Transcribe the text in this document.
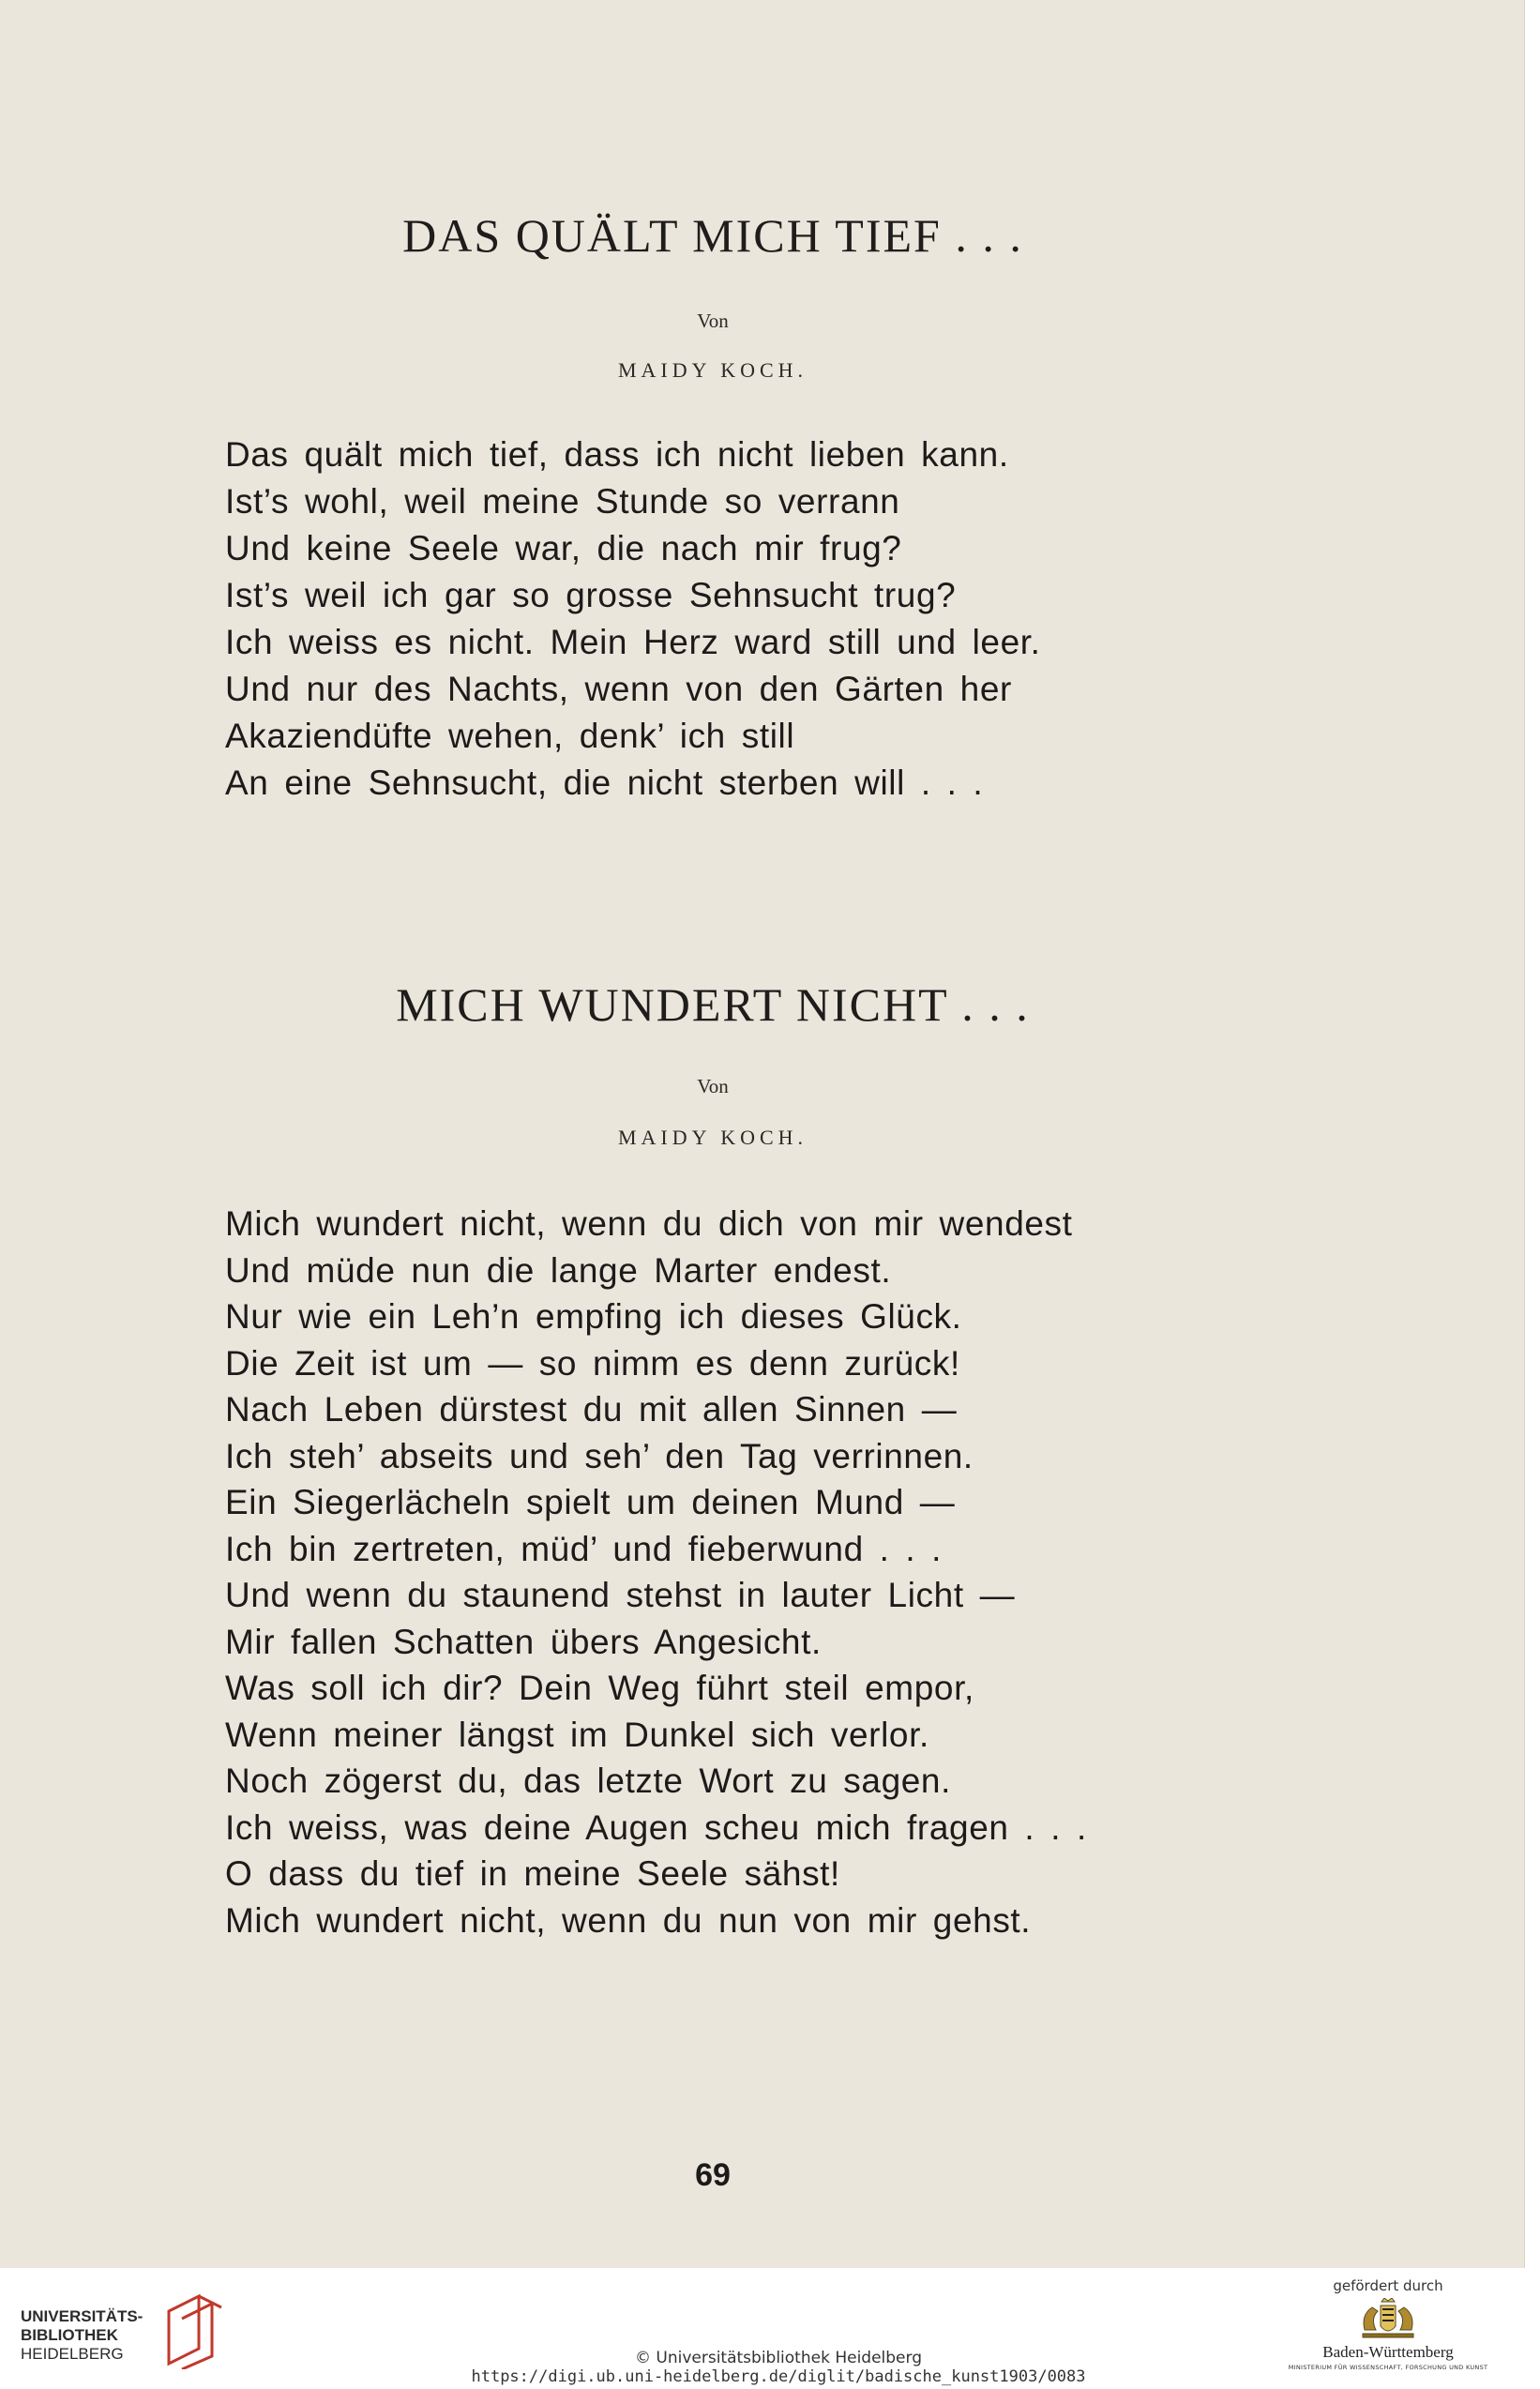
DAS QUÄLT MICH TIEF . . .
Von
MAIDY KOCH.
Das quält mich tief, dass ich nicht lieben kann.
Ist’s wohl, weil meine Stunde so verrann
Und keine Seele war, die nach mir frug?
Ist’s weil ich gar so grosse Sehnsucht trug?
Ich weiss es nicht. Mein Herz ward still und leer.
Und nur des Nachts, wenn von den Gärten her
Akaziendüfte wehen, denk’ ich still
An eine Sehnsucht, die nicht sterben will . . .
MICH WUNDERT NICHT . . .
Von
MAIDY KOCH.
Mich wundert nicht, wenn du dich von mir wendest
Und müde nun die lange Marter endest.
Nur wie ein Leh’n empfing ich dieses Glück.
Die Zeit ist um — so nimm es denn zurück!
Nach Leben dürstest du mit allen Sinnen —
Ich steh’ abseits und seh’ den Tag verrinnen.
Ein Siegerlächeln spielt um deinen Mund —
Ich bin zertreten, müd’ und fieberwund . . .
Und wenn du staunend stehst in lauter Licht —
Mir fallen Schatten übers Angesicht.
Was soll ich dir? Dein Weg führt steil empor,
Wenn meiner längst im Dunkel sich verlor.
Noch zögerst du, das letzte Wort zu sagen.
Ich weiss, was deine Augen scheu mich fragen . . .
O dass du tief in meine Seele sähst!
Mich wundert nicht, wenn du nun von mir gehst.
69
UNIVERSITÄTS-
BIBLIOTHEK
HEIDELBERG	© Universitätsbibliothek Heidelberg
https://digi.ub.uni-heidelberg.de/diglit/badische_kunst1903/0083
gefördert durch
Baden-Württemberg
MINISTERIUM FÜR WISSENSCHAFT, FORSCHUNG UND KUNST
